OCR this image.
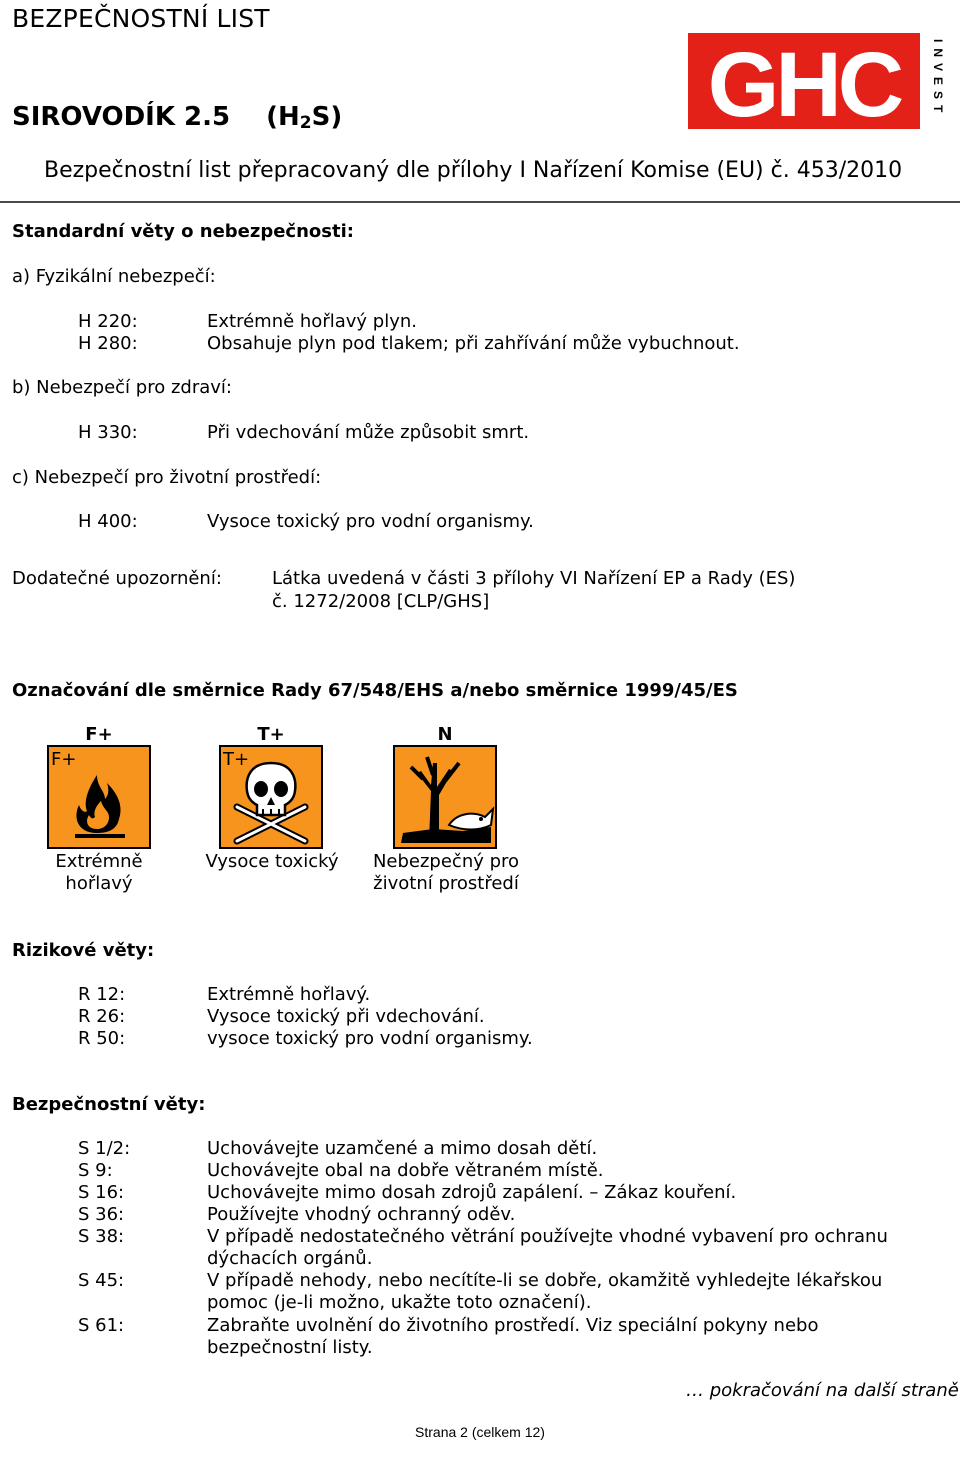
BEZPEČNOSTNÍ LIST
SIROVODÍK 2.5 $(H_2S)$
Bezpečnostní list přepracovaný dle přílohy I Nařízení Komise (EU) č. 453/2010
GHC	INVEST
Standardní věty o nebezpečnosti:
a) Fyzikální nebezpečí:
H 220:	Extrémně hořlavý plyn.
H 280:	Obsahuje plyn pod tlakem; při zahřívání může vybuchnout.
b) Nebezpečí pro zdraví:
H 330:	Při vdechování může způsobit smrt.
c) Nebezpečí pro životní prostředí:
H 400:	Vysoce toxický pro vodní organismy.
Dodatečné upozornění:	Látka uvedená v části 3 přílohy VI Nařízení EP a Rady (ES)
č. 1272/2008 [CLP/GHS]
Označování dle směrnice Rady 67/548/EHS a/nebo směrnice 1999/45/ES
F+	T+	N
F+	T+
Extrémně
hořlavý
Vysoce toxický	Nebezpečný pro
životní prostředí
Rizikové věty:
R 12:	Extrémně hořlavý.
R 26:	Vysoce toxický při vdechování.
R 50:	vysoce toxický pro vodní organismy.
Bezpečnostní věty:
S 1/2:	Uchovávejte uzamčené a mimo dosah dětí.
S 9:	Uchovávejte obal na dobře větraném místě.
S 16:	Uchovávejte mimo dosah zdrojů zapálení. – Zákaz kouření.
S 36:	Používejte vhodný ochranný oděv.
S 38:	V případě nedostatečného větrání používejte vhodné vybavení pro ochranu
dýchacích orgánů.
S 45:	V případě nehody, nebo necítíte-li se dobře, okamžitě vyhledejte lékařskou
pomoc (je-li možno, ukažte toto označení).
S 61:	Zabraňte uvolnění do životního prostředí. Viz speciální pokyny nebo
bezpečnostní listy.
… pokračování na další straně
Strana 2 (celkem 12)
